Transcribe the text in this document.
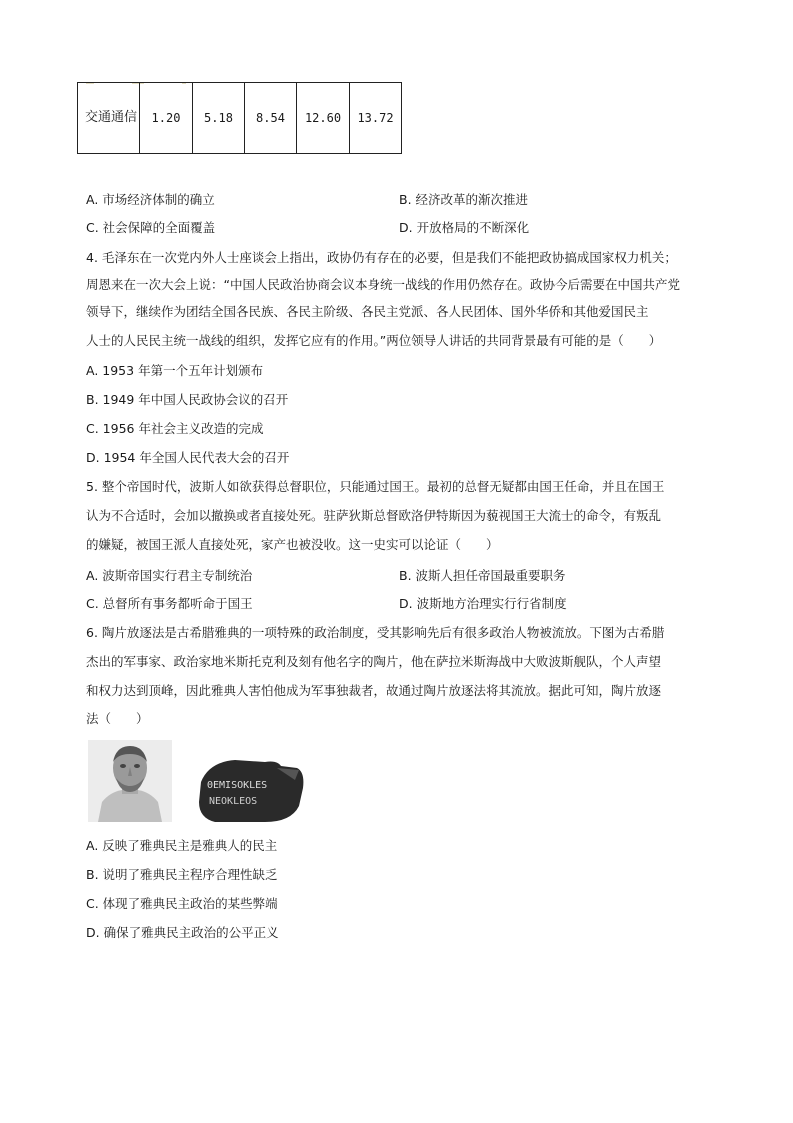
交通通信	1.20	5.18	8.54	12.60	13.72
A. 市场经济体制的确立	B. 经济改革的渐次推进
C. 社会保障的全面覆盖	D. 开放格局的不断深化
4. 毛泽东在一次党内外人士座谈会上指出，政协仍有存在的必要，但是我们不能把政协搞成国家权力机关；
周恩来在一次大会上说：“中国人民政治协商会议本身统一战线的作用仍然存在。政协今后需要在中国共产党
领导下，继续作为团结全国各民族、各民主阶级、各民主党派、各人民团体、国外华侨和其他爱国民主
人士的人民民主统一战线的组织，发挥它应有的作用。”两位领导人讲话的共同背景最有可能的是（　　）
A. 1953 年第一个五年计划颁布
B. 1949 年中国人民政协会议的召开
C. 1956 年社会主义改造的完成
D. 1954 年全国人民代表大会的召开
5. 整个帝国时代，波斯人如欲获得总督职位，只能通过国王。最初的总督无疑都由国王任命，并且在国王
认为不合适时，会加以撤换或者直接处死。驻萨狄斯总督欧洛伊特斯因为藐视国王大流士的命令，有叛乱
的嫌疑，被国王派人直接处死，家产也被没收。这一史实可以论证（　　）
A. 波斯帝国实行君主专制统治	B. 波斯人担任帝国最重要职务
C. 总督所有事务都听命于国王	D. 波斯地方治理实行行省制度
6. 陶片放逐法是古希腊雅典的一项特殊的政治制度，受其影响先后有很多政治人物被流放。下图为古希腊
杰出的军事家、政治家地米斯托克利及刻有他名字的陶片，他在萨拉米斯海战中大败波斯舰队，个人声望
和权力达到顶峰，因此雅典人害怕他成为军事独裁者，故通过陶片放逐法将其流放。据此可知，陶片放逐
法（　　）
ΘEMISOKLES
NEOKLEOS
A. 反映了雅典民主是雅典人的民主
B. 说明了雅典民主程序合理性缺乏
C. 体现了雅典民主政治的某些弊端
D. 确保了雅典民主政治的公平正义
